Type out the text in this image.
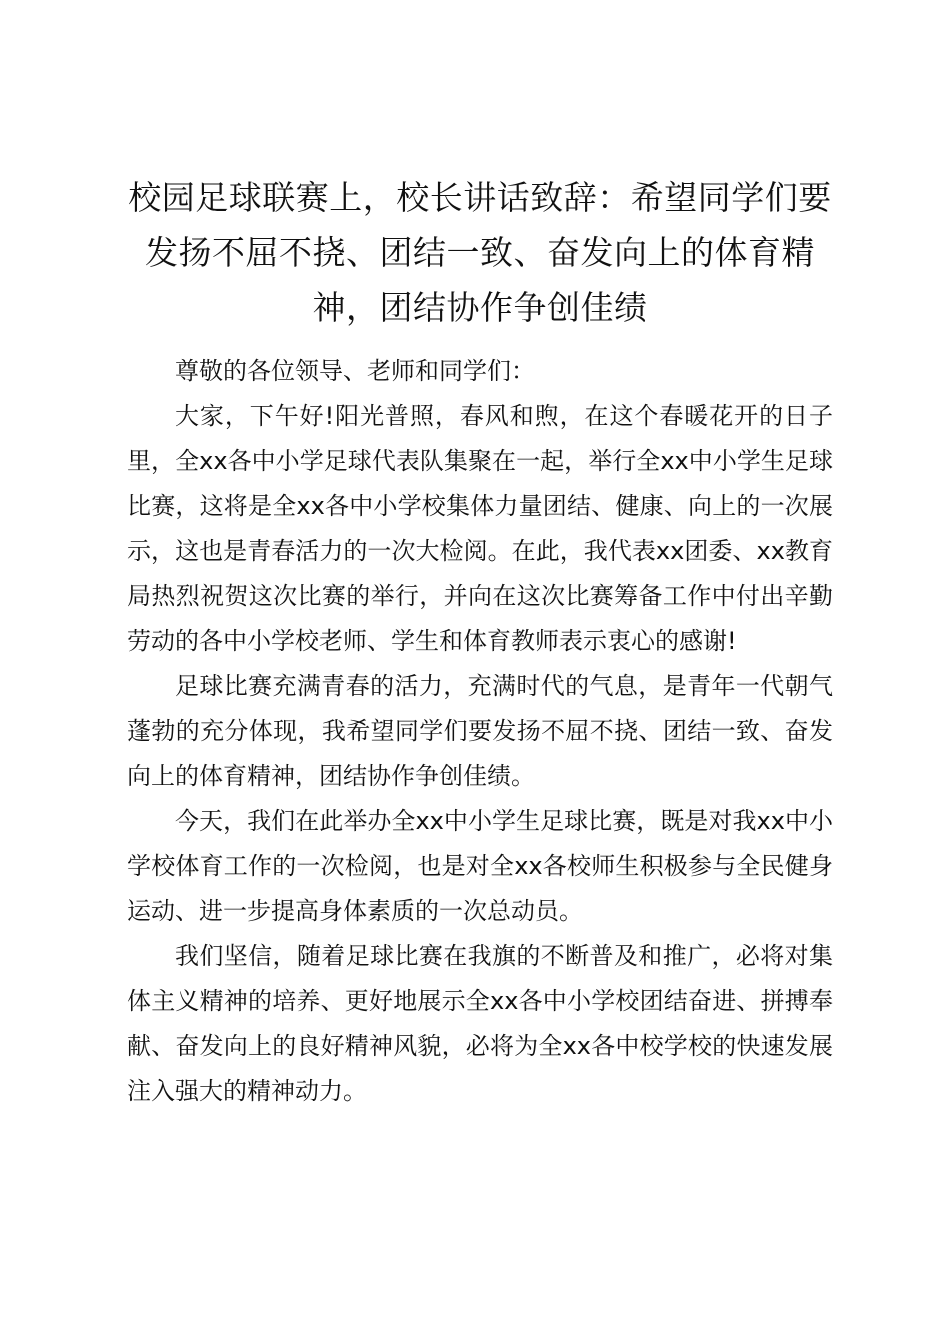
校园足球联赛上，校长讲话致辞：希望同学们要发扬不屈不挠、团结一致、奋发向上的体育精神，团结协作争创佳绩

尊敬的各位领导、老师和同学们：

大家，下午好!阳光普照，春风和煦，在这个春暖花开的日子里，全xx各中小学足球代表队集聚在一起，举行全xx中小学生足球比赛，这将是全xx各中小学校集体力量团结、健康、向上的一次展示，这也是青春活力的一次大检阅。在此，我代表xx团委、xx教育局热烈祝贺这次比赛的举行，并向在这次比赛筹备工作中付出辛勤劳动的各中小学校老师、学生和体育教师表示衷心的感谢!

足球比赛充满青春的活力，充满时代的气息，是青年一代朝气蓬勃的充分体现，我希望同学们要发扬不屈不挠、团结一致、奋发向上的体育精神，团结协作争创佳绩。

今天，我们在此举办全xx中小学生足球比赛，既是对我xx中小学校体育工作的一次检阅，也是对全xx各校师生积极参与全民健身运动、进一步提高身体素质的一次总动员。

我们坚信，随着足球比赛在我旗的不断普及和推广，必将对集体主义精神的培养、更好地展示全xx各中小学校团结奋进、拼搏奉献、奋发向上的良好精神风貌，必将为全xx各中校学校的快速发展注入强大的精神动力。
